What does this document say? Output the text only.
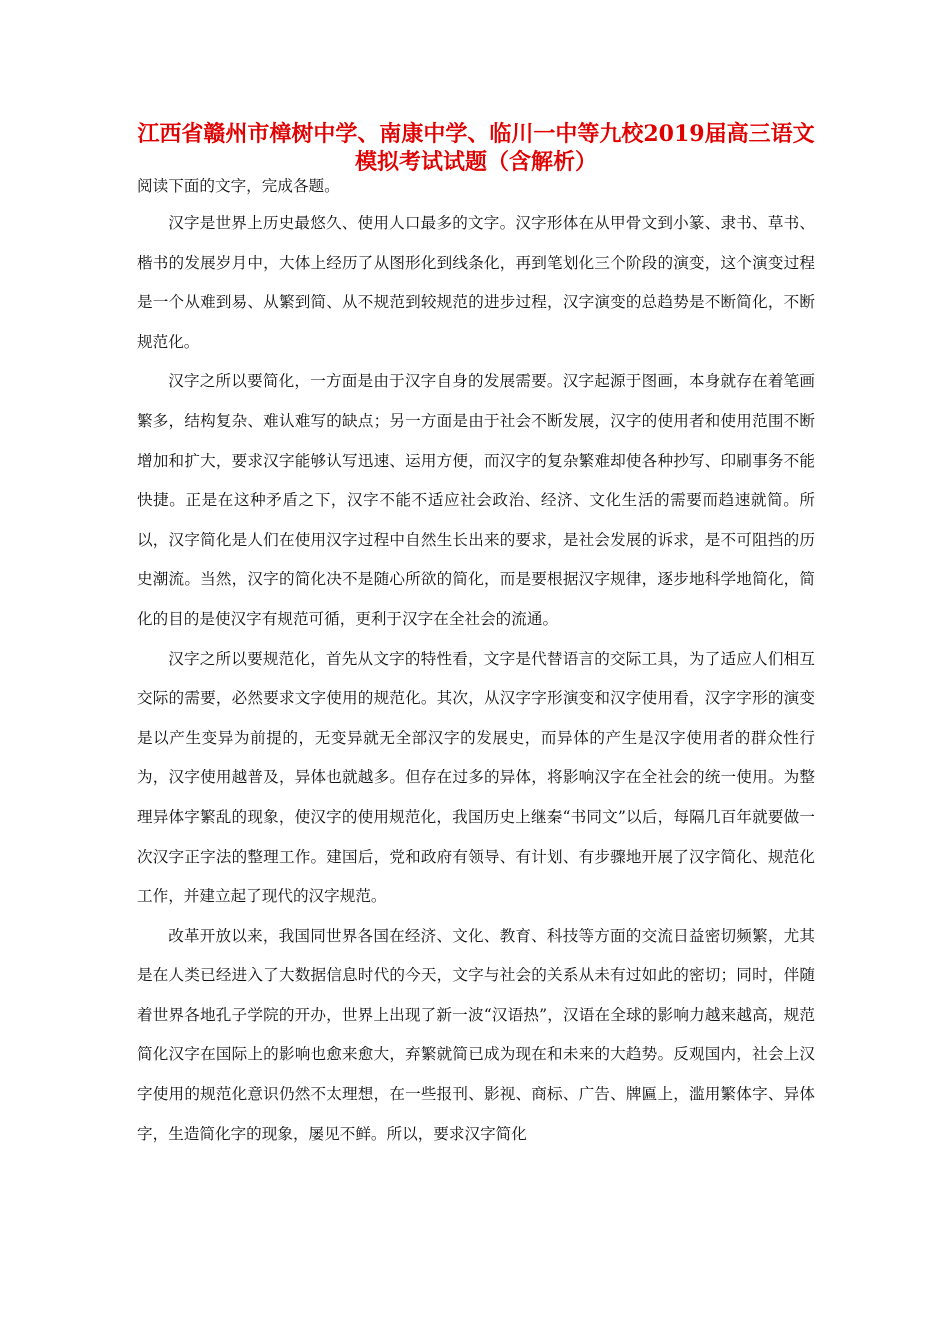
江西省赣州市樟树中学、南康中学、临川一中等九校2019届高三语文模拟考试试题（含解析）

阅读下面的文字，完成各题。

汉字是世界上历史最悠久、使用人口最多的文字。汉字形体在从甲骨文到小篆、隶书、草书、楷书的发展岁月中，大体上经历了从图形化到线条化，再到笔划化三个阶段的演变，这个演变过程是一个从难到易、从繁到简、从不规范到较规范的进步过程，汉字演变的总趋势是不断简化，不断规范化。

汉字之所以要简化，一方面是由于汉字自身的发展需要。汉字起源于图画，本身就存在着笔画繁多，结构复杂、难认难写的缺点；另一方面是由于社会不断发展，汉字的使用者和使用范围不断增加和扩大，要求汉字能够认写迅速、运用方便，而汉字的复杂繁难却使各种抄写、印刷事务不能快捷。正是在这种矛盾之下，汉字不能不适应社会政治、经济、文化生活的需要而趋速就简。所以，汉字简化是人们在使用汉字过程中自然生长出来的要求，是社会发展的诉求，是不可阻挡的历史潮流。当然，汉字的简化决不是随心所欲的简化，而是要根据汉字规律，逐步地科学地简化，简化的目的是使汉字有规范可循，更利于汉字在全社会的流通。

汉字之所以要规范化，首先从文字的特性看，文字是代替语言的交际工具，为了适应人们相互交际的需要，必然要求文字使用的规范化。其次，从汉字字形演变和汉字使用看，汉字字形的演变是以产生变异为前提的，无变异就无全部汉字的发展史，而异体的产生是汉字使用者的群众性行为，汉字使用越普及，异体也就越多。但存在过多的异体，将影响汉字在全社会的统一使用。为整理异体字繁乱的现象，使汉字的使用规范化，我国历史上继秦“书同文”以后，每隔几百年就要做一次汉字正字法的整理工作。建国后，党和政府有领导、有计划、有步骤地开展了汉字简化、规范化工作，并建立起了现代的汉字规范。

改革开放以来，我国同世界各国在经济、文化、教育、科技等方面的交流日益密切频繁，尤其是在人类已经进入了大数据信息时代的今天，文字与社会的关系从未有过如此的密切；同时，伴随着世界各地孔子学院的开办，世界上出现了新一波“汉语热”，汉语在全球的影响力越来越高，规范简化汉字在国际上的影响也愈来愈大，弃繁就简已成为现在和未来的大趋势。反观国内，社会上汉字使用的规范化意识仍然不太理想，在一些报刊、影视、商标、广告、牌匾上，滥用繁体字、异体字，生造简化字的现象，屡见不鲜。所以，要求汉字简化
